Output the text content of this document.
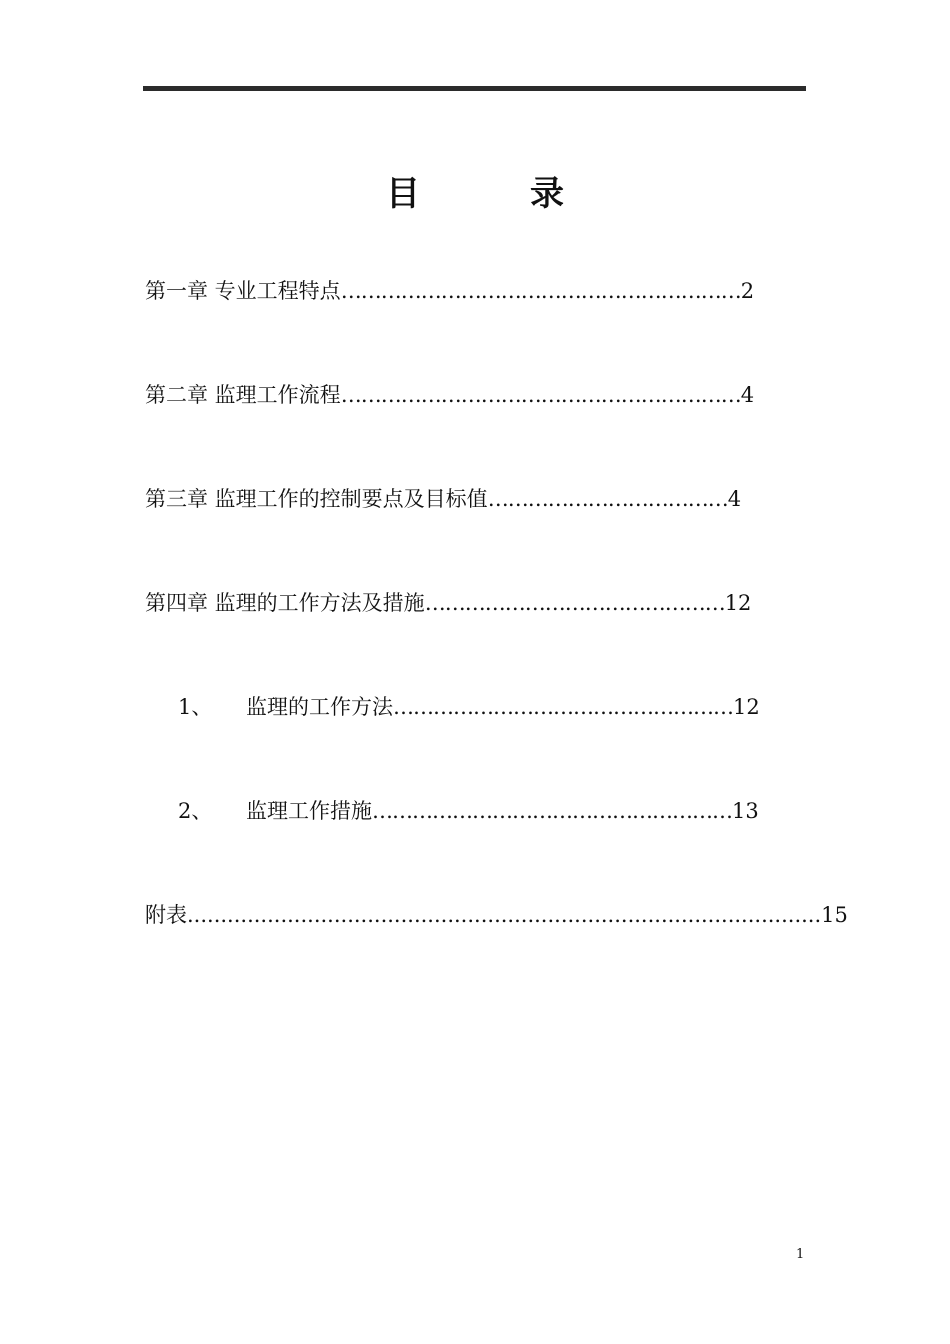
目　录
第一章 专业工程特点……………………………………………………2
第二章 监理工作流程……………………………………………………4
第三章 监理工作的控制要点及目标值………………………………4
第四章 监理的工作方法及措施………………………………………12
1、 监理的工作方法……………………………………………12
2、 监理工作措施………………………………………………13
附表...............................................................................................15
1
